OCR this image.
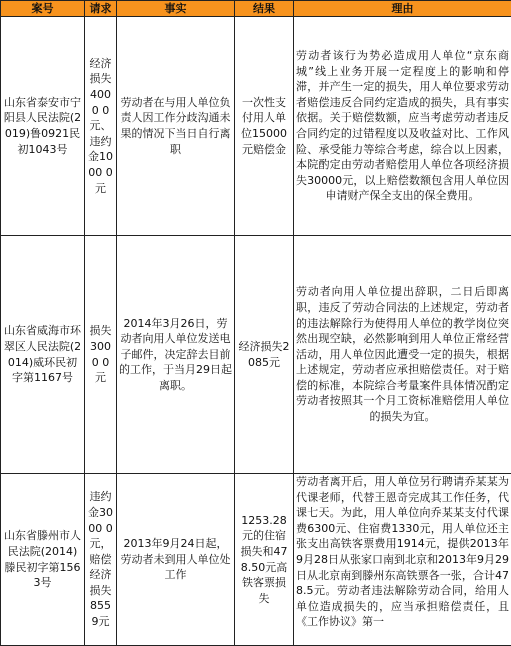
案号	请求	事实	结果	理由
山东省泰安市宁阳县人民法院(2019)鲁0921民初1043号	经济损失4000 0元、违约金1000 0元	劳动者在与用人单位负责人因工作分歧沟通未果的情况下当日自行离职	一次性支付用人单位15000元赔偿金	劳动者该行为势必造成用人单位“京东商城”线上业务开展一定程度上的影响和停滞，并产生一定的损失，用人单位要求劳动者赔偿违反合同约定造成的损失，具有事实依据。关于赔偿数额，应当考虑劳动者违反合同约定的过错程度以及收益对比、工作风险、承受能力等综合考虑，综合以上因素，本院酌定由劳动者赔偿用人单位各项经济损失30000元，以上赔偿数额包含用人单位因申请财产保全支出的保全费用。
山东省威海市环翠区人民法院(2014)威环民初字第1167号	损失3000 0元	2014年3月26日，劳动者向用人单位发送电子邮件，决定辞去目前的工作，于当月29日起离职。	经济损失2085元	劳动者向用人单位提出辞职，二日后即离职，违反了劳动合同法的上述规定，劳动者的违法解除行为使得用人单位的教学岗位突然出现空缺，必然影响到用人单位正常经营活动，用人单位因此遭受一定的损失，根据上述规定，劳动者应承担赔偿责任。对于赔偿的标准，本院综合考量案件具体情况酌定劳动者按照其一个月工资标准赔偿用人单位的损失为宜。
山东省滕州市人民法院(2014)滕民初字第1563号	违约金3000 0元，赔偿经济损失8559元	2013年9月24日起，劳动者未到用人单位处工作	1253.28元的住宿损失和478.50元高铁客票损失	劳动者离开后，用人单位另行聘请乔某某为代课老师，代替王恩奇完成其工作任务，代课七天。为此，用人单位向乔某某支付代课费6300元、住宿费1330元，用人单位还主张支出高铁客票费用1914元，提供2013年9月28日从张家口南到北京和2013年9月29日从北京南到滕州东高铁票各一张，合计478.5元。劳动者违法解除劳动合同，给用人单位造成损失的，应当承担赔偿责任，且《工作协议》第一
